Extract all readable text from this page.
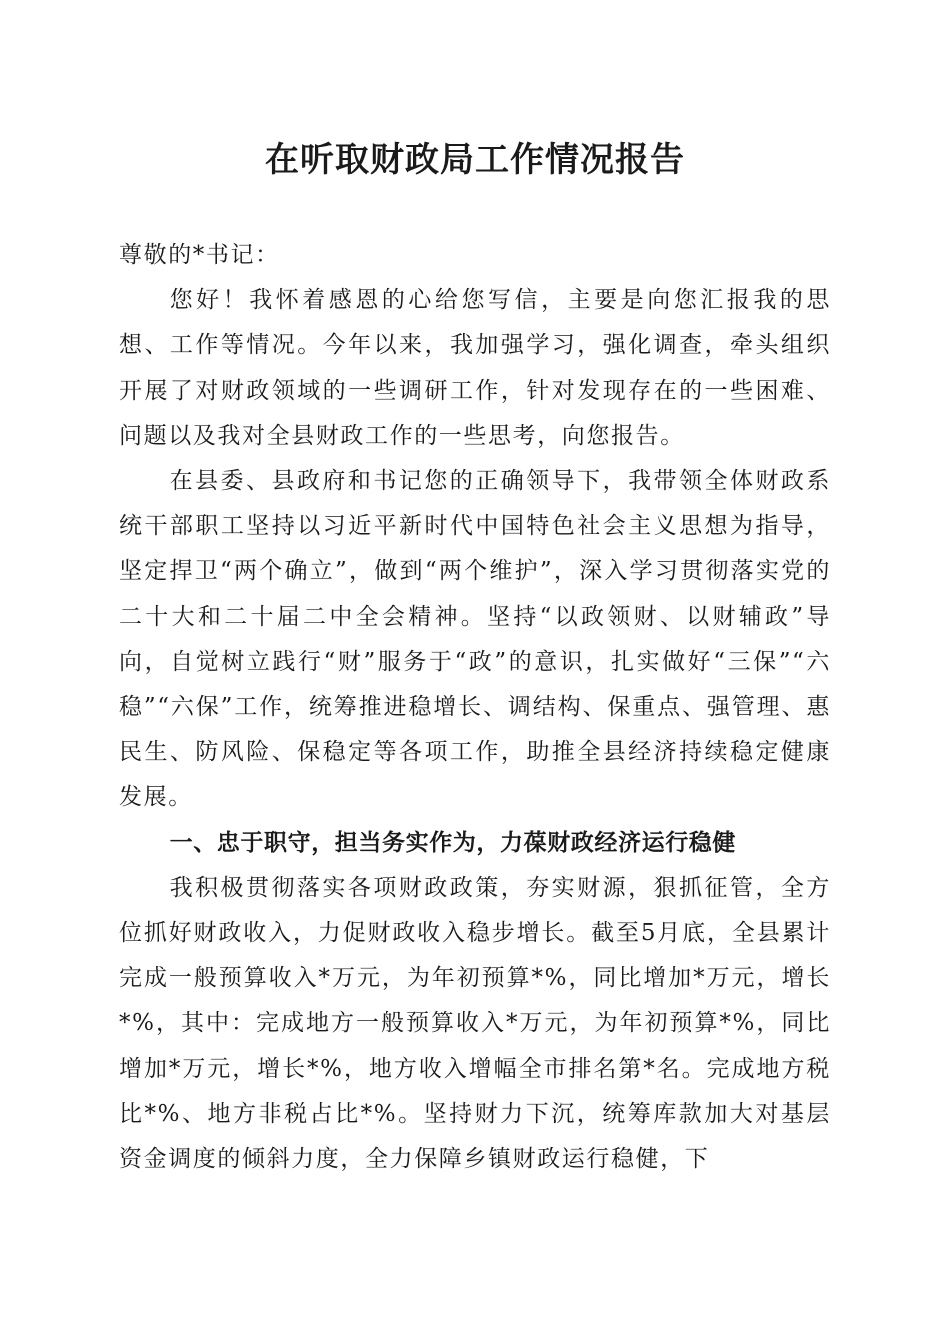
在听取财政局工作情况报告

尊敬的*书记：

您好！我怀着感恩的心给您写信，主要是向您汇报我的思想、工作等情况。今年以来，我加强学习，强化调查，牵头组织开展了对财政领域的一些调研工作，针对发现存在的一些困难、问题以及我对全县财政工作的一些思考，向您报告。

在县委、县政府和书记您的正确领导下，我带领全体财政系统干部职工坚持以习近平新时代中国特色社会主义思想为指导，坚定捍卫“两个确立”，做到“两个维护”，深入学习贯彻落实党的二十大和二十届二中全会精神。坚持“以政领财、以财辅政”导向，自觉树立践行“财”服务于“政”的意识，扎实做好“三保”“六稳”“六保”工作，统筹推进稳增长、调结构、保重点、强管理、惠民生、防风险、保稳定等各项工作，助推全县经济持续稳定健康发展。

一、忠于职守，担当务实作为，力葆财政经济运行稳健

我积极贯彻落实各项财政政策，夯实财源，狠抓征管，全方位抓好财政收入，力促财政收入稳步增长。截至5月底，全县累计完成一般预算收入*万元，为年初预算*%，同比增加*万元，增长*%，其中：完成地方一般预算收入*万元，为年初预算*%，同比增加*万元，增长*%，地方收入增幅全市排名第*名。完成地方税比*%、地方非税占比*%。坚持财力下沉，统筹库款加大对基层资金调度的倾斜力度，全力保障乡镇财政运行稳健，下
